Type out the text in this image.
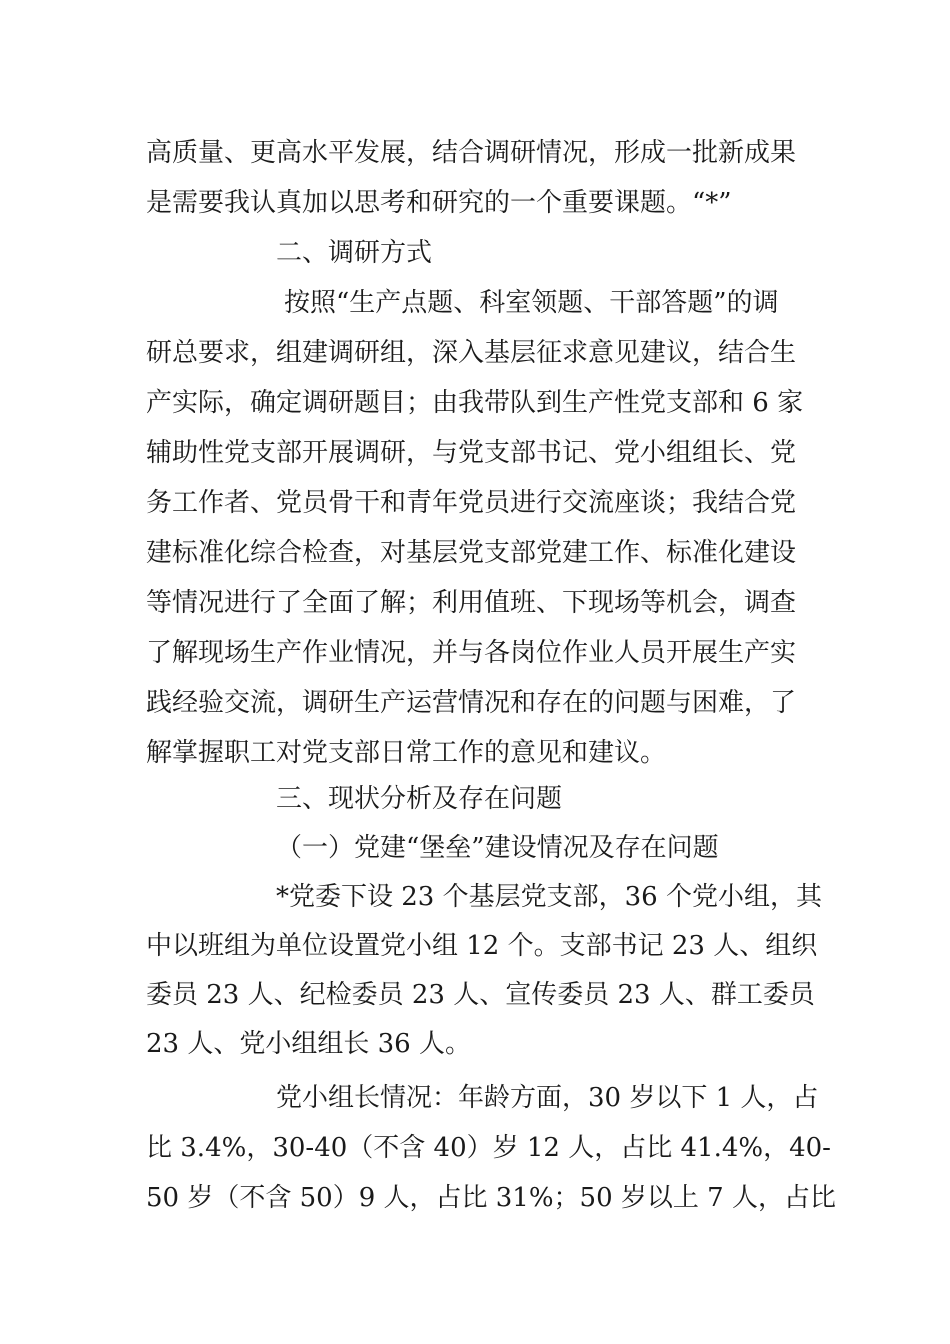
高质量、更高水平发展，结合调研情况，形成一批新成果
是需要我认真加以思考和研究的一个重要课题。“*”
二、调研方式
按照“生产点题、科室领题、干部答题”的调
研总要求，组建调研组，深入基层征求意见建议，结合生
产实际，确定调研题目；由我带队到生产性党支部和 6 家
辅助性党支部开展调研，与党支部书记、党小组组长、党
务工作者、党员骨干和青年党员进行交流座谈；我结合党
建标准化综合检查，对基层党支部党建工作、标准化建设
等情况进行了全面了解；利用值班、下现场等机会，调查
了解现场生产作业情况，并与各岗位作业人员开展生产实
践经验交流，调研生产运营情况和存在的问题与困难，了
解掌握职工对党支部日常工作的意见和建议。
三、现状分析及存在问题
（一）党建“堡垒”建设情况及存在问题
*党委下设 23 个基层党支部，36 个党小组，其
中以班组为单位设置党小组 12 个。支部书记 23 人、组织
委员 23 人、纪检委员 23 人、宣传委员 23 人、群工委员
23 人、党小组组长 36 人。
党小组长情况：年龄方面，30 岁以下 1 人，占
比 3.4%，30-40（不含 40）岁 12 人，占比 41.4%，40-
50 岁（不含 50）9 人，占比 31%；50 岁以上 7 人，占比
